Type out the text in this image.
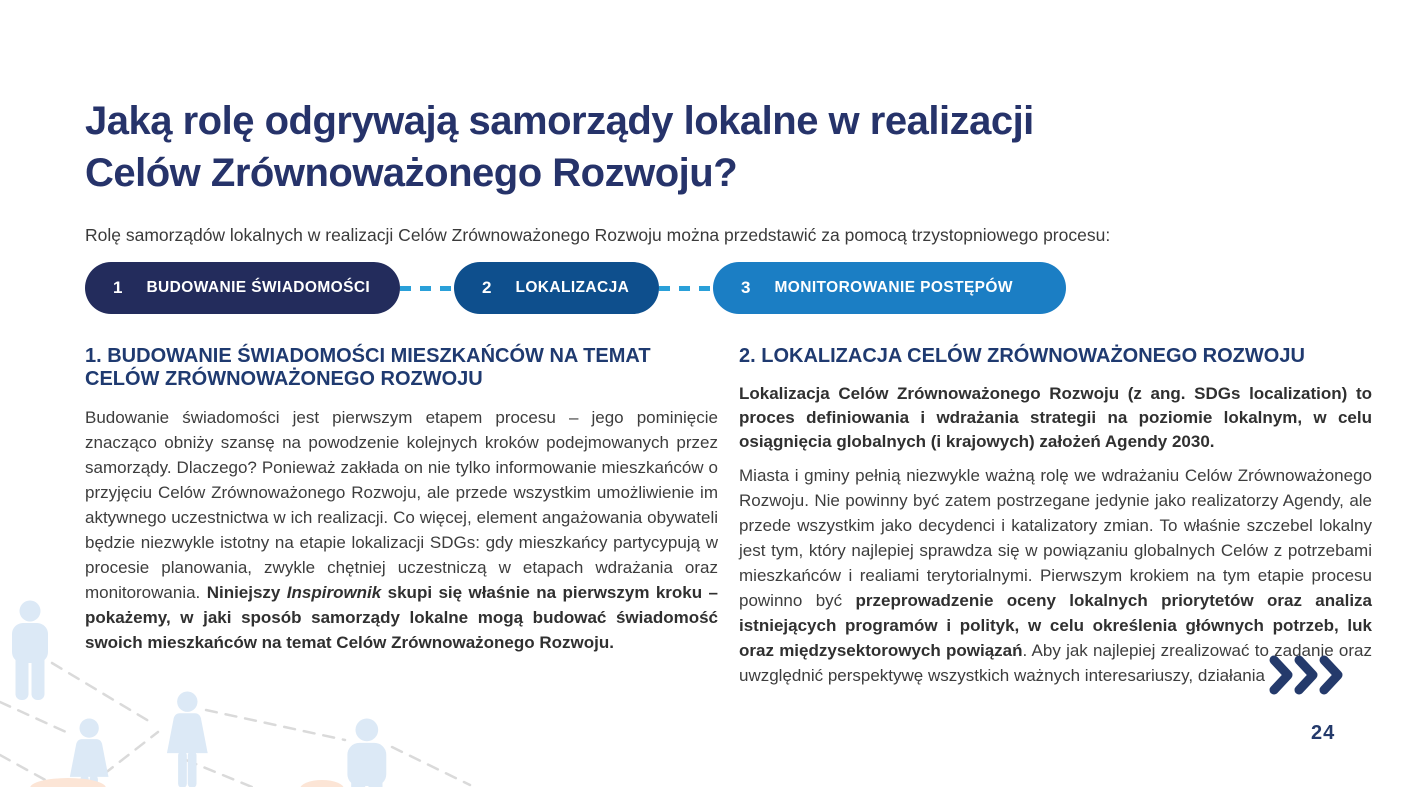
Jaką rolę odgrywają samorządy lokalne w realizacji
Celów Zrównoważonego Rozwoju?

Rolę samorządów lokalnych w realizacji Celów Zrównoważonego Rozwoju można przedstawić za pomocą trzystopniowego procesu:

1 BUDOWANIE ŚWIADOMOŚCI	2 LOKALIZACJA	3 MONITOROWANIE POSTĘPÓW
1. BUDOWANIE ŚWIADOMOŚCI MIESZKAŃCÓW NA TEMAT CELÓW ZRÓWNOWAŻONEGO ROZWOJU

Budowanie świadomości jest pierwszym etapem procesu – jego pominięcie znacząco obniży szansę na powodzenie kolejnych kroków podejmowanych przez samorządy. Dlaczego? Ponieważ zakłada on nie tylko informowanie mieszkańców o przyjęciu Celów Zrównoważonego Rozwoju, ale przede wszystkim umożliwienie im aktywnego uczestnictwa w ich realizacji. Co więcej, element angażowania obywateli będzie niezwykle istotny na etapie lokalizacji SDGs: gdy mieszkańcy partycypują w procesie planowania, zwykle chętniej uczestniczą w etapach wdrażania oraz monitorowania. Niniejszy Inspirownik skupi się właśnie na pierwszym kroku – pokażemy, w jaki sposób samorządy lokalne mogą budować świadomość swoich mieszkańców na temat Celów Zrównoważonego Rozwoju.

2. LOKALIZACJA CELÓW ZRÓWNOWAŻONEGO ROZWOJU

Lokalizacja Celów Zrównoważonego Rozwoju (z ang. SDGs localization) to proces definiowania i wdrażania strategii na poziomie lokalnym, w celu osiągnięcia globalnych (i krajowych) założeń Agendy 2030.

Miasta i gminy pełnią niezwykle ważną rolę we wdrażaniu Celów Zrównoważonego Rozwoju. Nie powinny być zatem postrzegane jedynie jako realizatorzy Agendy, ale przede wszystkim jako decydenci i katalizatory zmian. To właśnie szczebel lokalny jest tym, który najlepiej sprawdza się w powiązaniu globalnych Celów z potrzebami mieszkańców i realiami terytorialnymi. Pierwszym krokiem na tym etapie procesu powinno być przeprowadzenie oceny lokalnych priorytetów oraz analiza istniejących programów i polityk, w celu określenia głównych potrzeb, luk oraz międzysektorowych powiązań. Aby jak najlepiej zrealizować to zadanie oraz uwzględnić perspektywę wszystkich ważnych interesariuszy, działania

24
